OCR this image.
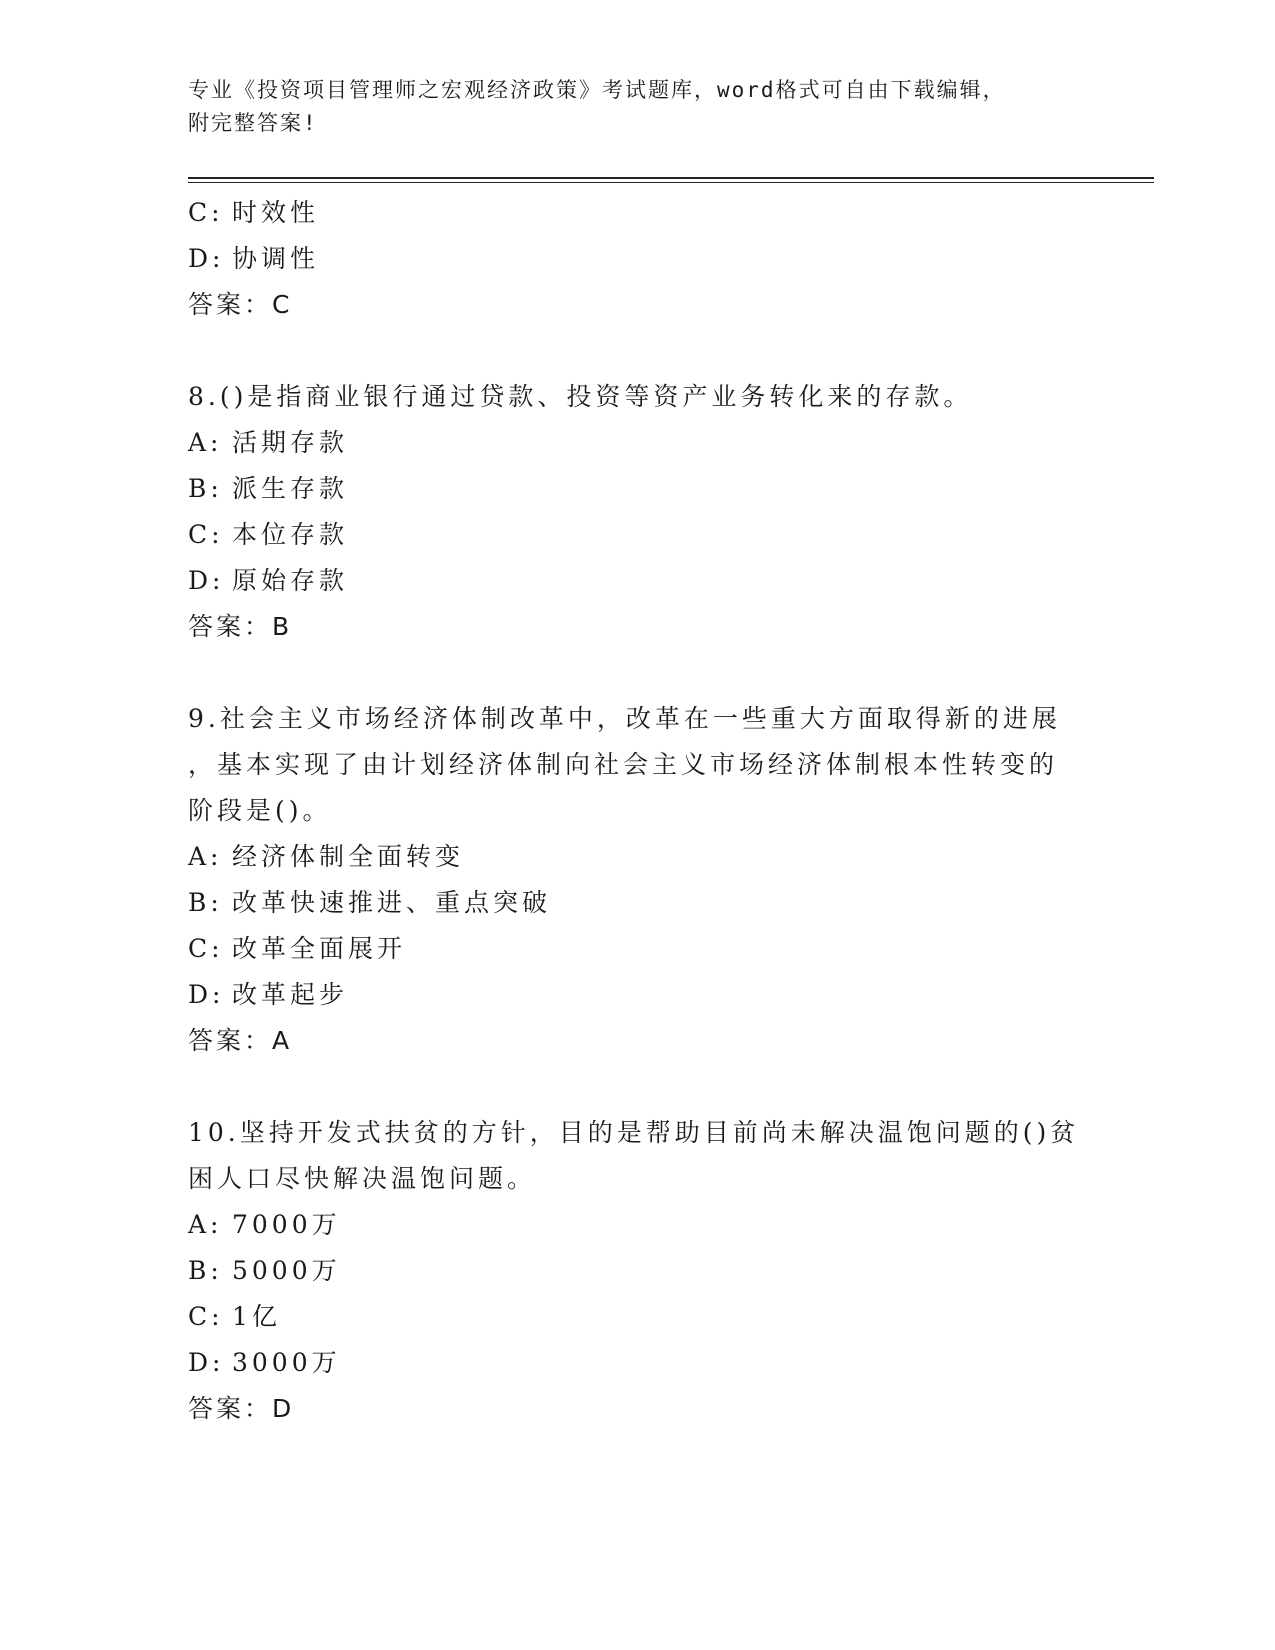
专业《投资项目管理师之宏观经济政策》考试题库，word格式可自由下载编辑，
附完整答案!
C: 时效性
D: 协调性
答案：C
8.()是指商业银行通过贷款、投资等资产业务转化来的存款。
A: 活期存款
B: 派生存款
C: 本位存款
D: 原始存款
答案：B
9.社会主义市场经济体制改革中，改革在一些重大方面取得新的进展
，基本实现了由计划经济体制向社会主义市场经济体制根本性转变的
阶段是()。
A: 经济体制全面转变
B: 改革快速推进、重点突破
C: 改革全面展开
D: 改革起步
答案：A
10.坚持开发式扶贫的方针，目的是帮助目前尚未解决温饱问题的()贫
困人口尽快解决温饱问题。
A: 7000万
B: 5000万
C: 1亿
D: 3000万
答案：D
